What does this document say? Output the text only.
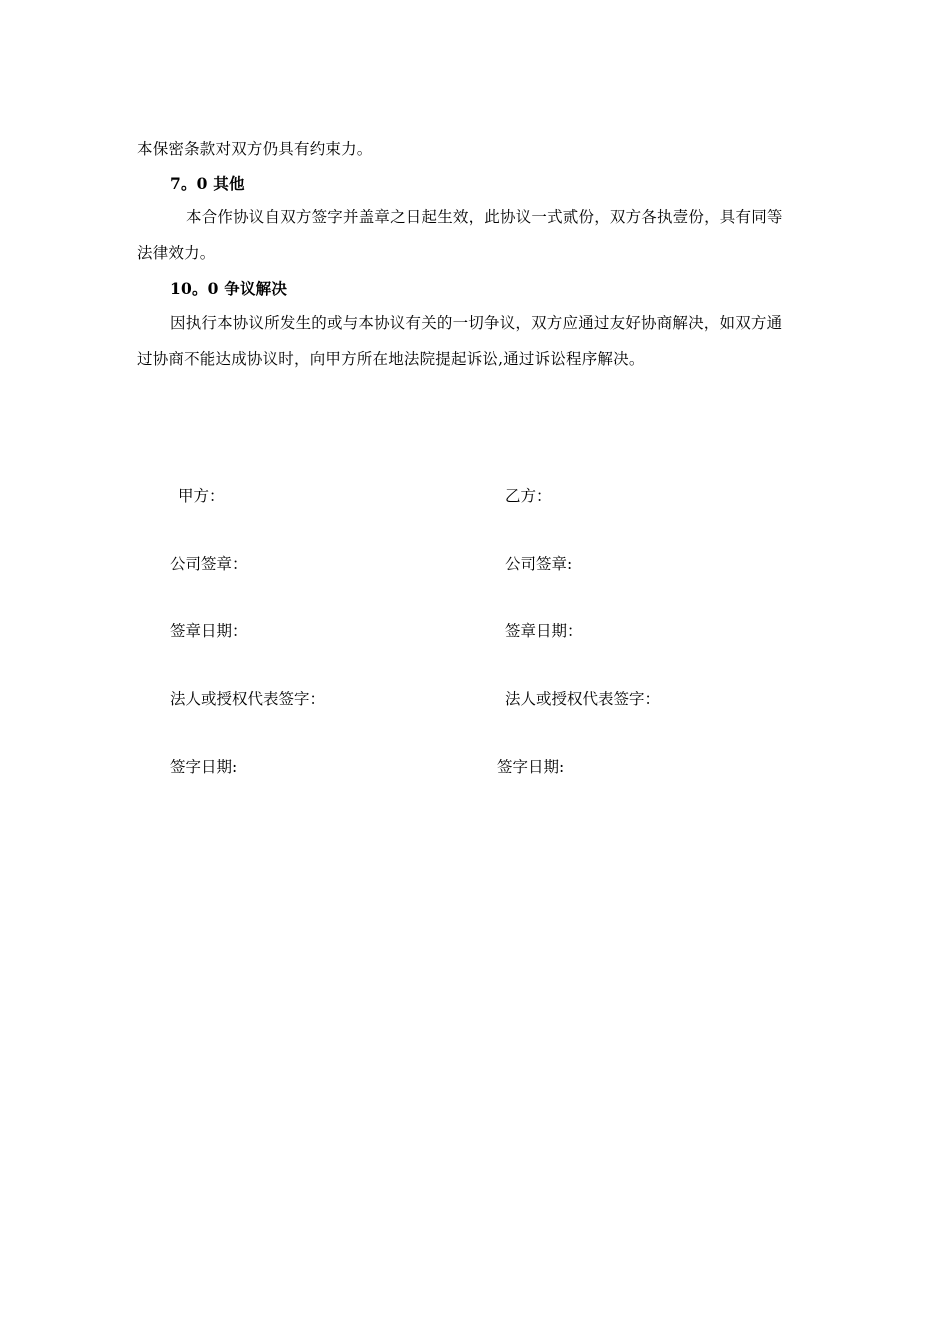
本保密条款对双方仍具有约束力。
7。0 其他
本合作协议自双方签字并盖章之日起生效，此协议一式贰份，双方各执壹份，具有同等
法律效力。
10。0 争议解决
因执行本协议所发生的或与本协议有关的一切争议，双方应通过友好协商解决，如双方通
过协商不能达成协议时，向甲方所在地法院提起诉讼,通过诉讼程序解决。
甲方：
公司签章：
签章日期：
法人或授权代表签字：
签字日期:
乙方：
公司签章:
签章日期：
法人或授权代表签字：
签字日期:
